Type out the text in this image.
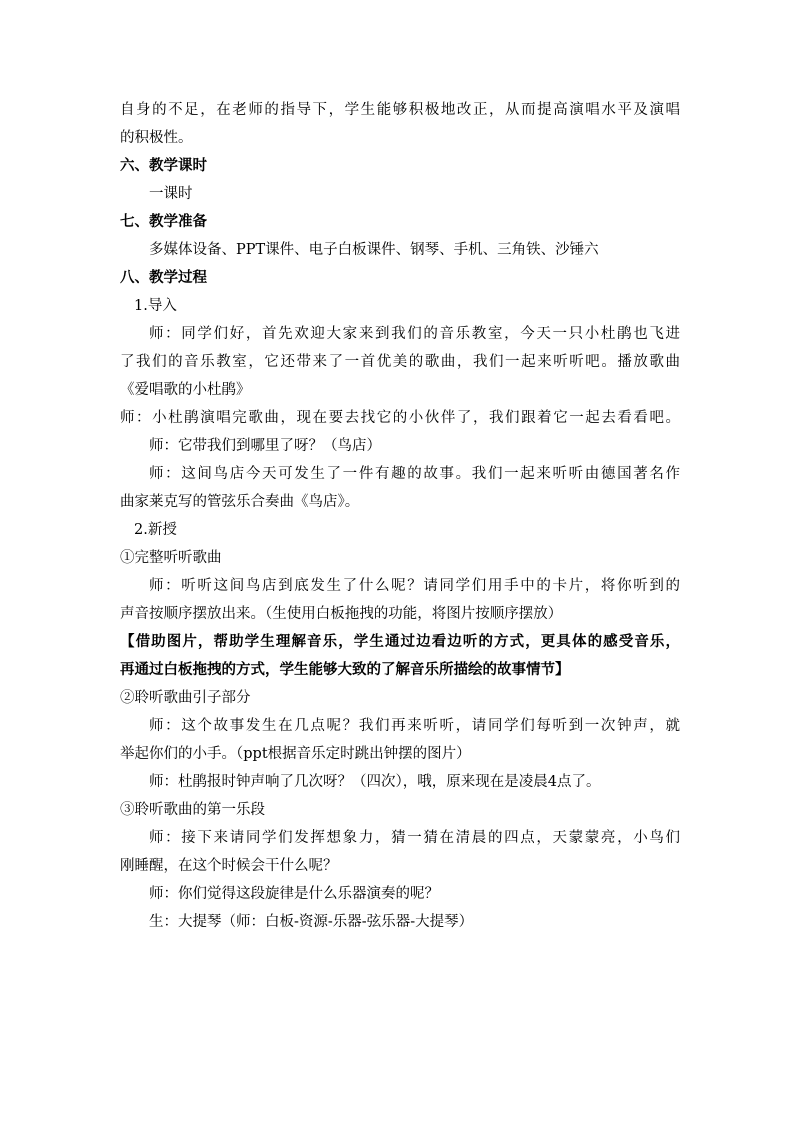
自身的不足，在老师的指导下，学生能够积极地改正，从而提高演唱水平及演唱
的积极性。
六、教学课时
一课时
七、教学准备
多媒体设备、PPT课件、电子白板课件、钢琴、手机、三角铁、沙锤六
八、教学过程
1.导入
师：同学们好，首先欢迎大家来到我们的音乐教室，今天一只小杜鹃也飞进
了我们的音乐教室，它还带来了一首优美的歌曲，我们一起来听听吧。播放歌曲
《爱唱歌的小杜鹃》
师：小杜鹃演唱完歌曲，现在要去找它的小伙伴了，我们跟着它一起去看看吧。
师：它带我们到哪里了呀？（鸟店）
师：这间鸟店今天可发生了一件有趣的故事。我们一起来听听由德国著名作
曲家莱克写的管弦乐合奏曲《鸟店》。
2.新授
①完整听听歌曲
师：听听这间鸟店到底发生了什么呢？请同学们用手中的卡片，将你听到的
声音按顺序摆放出来。（生使用白板拖拽的功能，将图片按顺序摆放）
【借助图片，帮助学生理解音乐，学生通过边看边听的方式，更具体的感受音乐，
再通过白板拖拽的方式，学生能够大致的了解音乐所描绘的故事情节】
②聆听歌曲引子部分
师：这个故事发生在几点呢？我们再来听听，请同学们每听到一次钟声，就
举起你们的小手。（ppt根据音乐定时跳出钟摆的图片）
师：杜鹃报时钟声响了几次呀？（四次），哦，原来现在是凌晨4点了。
③聆听歌曲的第一乐段
师：接下来请同学们发挥想象力，猜一猜在清晨的四点，天蒙蒙亮，小鸟们
刚睡醒，在这个时候会干什么呢？
师：你们觉得这段旋律是什么乐器演奏的呢？
生：大提琴（师：白板-资源-乐器-弦乐器-大提琴）
